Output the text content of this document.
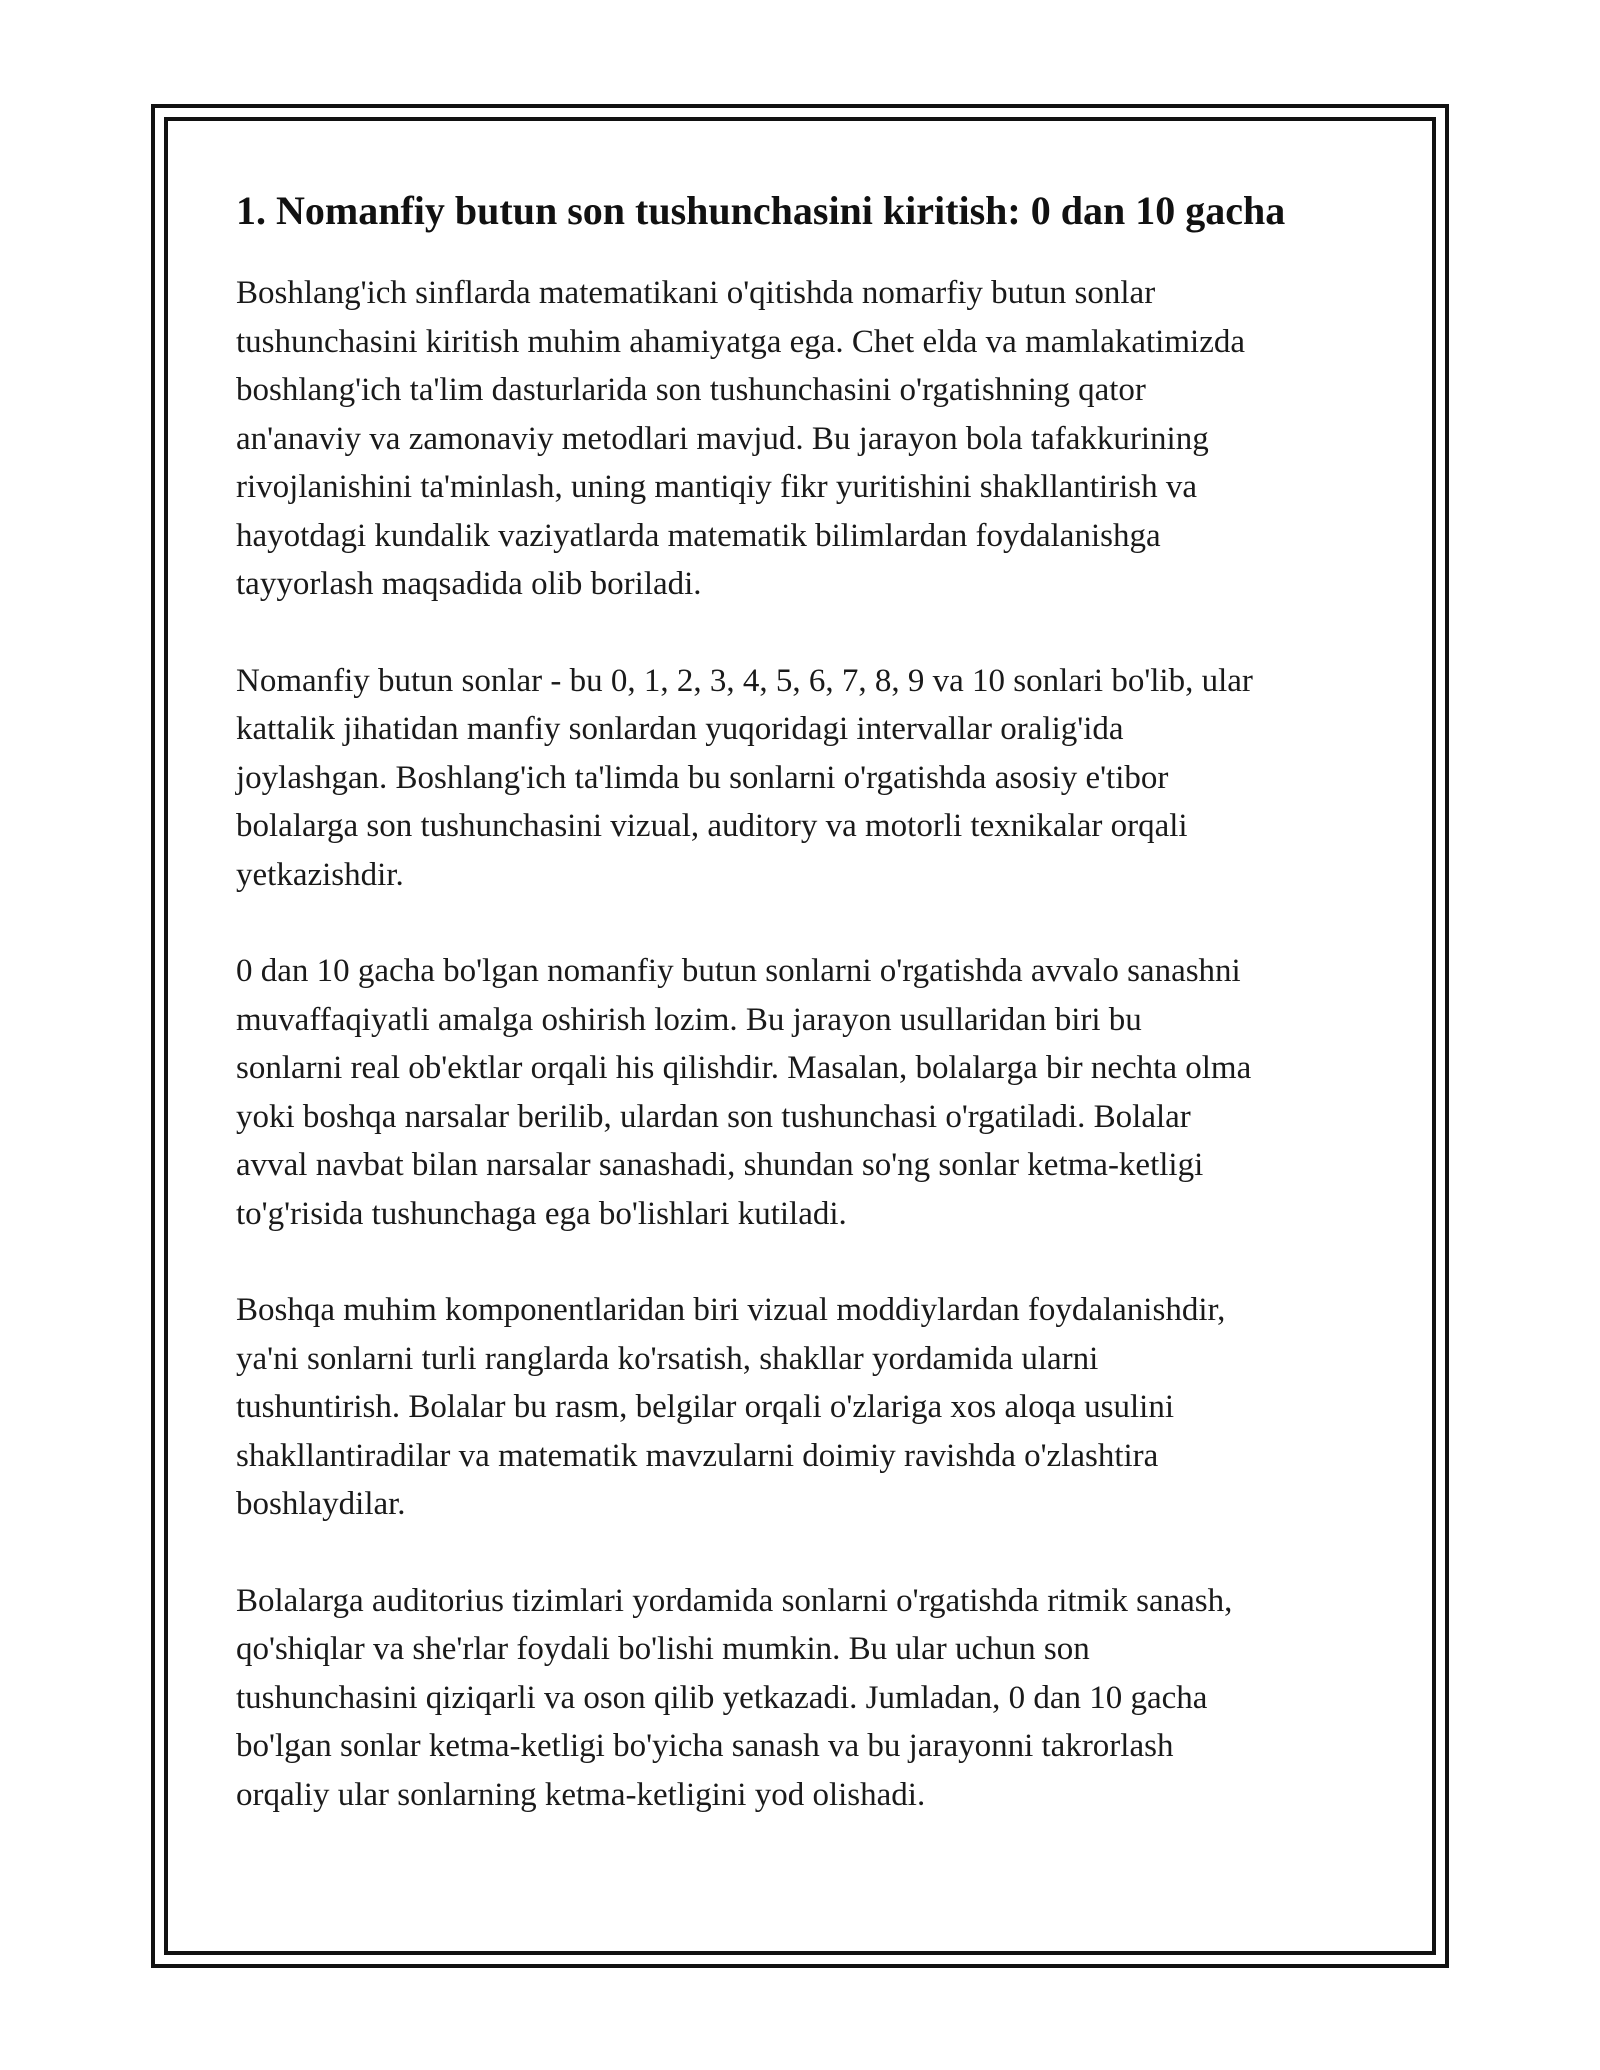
1. Nomanfiy butun son tushunchasini kiritish: 0 dan 10 gacha

Boshlang'ich sinflarda matematikani o'qitishda nomarfiy butun sonlar
tushunchasini kiritish muhim ahamiyatga ega. Chet elda va mamlakatimizda
boshlang'ich ta'lim dasturlarida son tushunchasini o'rgatishning qator
an'anaviy va zamonaviy metodlari mavjud. Bu jarayon bola tafakkurining
rivojlanishini ta'minlash, uning mantiqiy fikr yuritishini shakllantirish va
hayotdagi kundalik vaziyatlarda matematik bilimlardan foydalanishga
tayyorlash maqsadida olib boriladi.

Nomanfiy butun sonlar - bu 0, 1, 2, 3, 4, 5, 6, 7, 8, 9 va 10 sonlari bo'lib, ular
kattalik jihatidan manfiy sonlardan yuqoridagi intervallar oralig'ida
joylashgan. Boshlang'ich ta'limda bu sonlarni o'rgatishda asosiy e'tibor
bolalarga son tushunchasini vizual, auditory va motorli texnikalar orqali
yetkazishdir.

0 dan 10 gacha bo'lgan nomanfiy butun sonlarni o'rgatishda avvalo sanashni
muvaffaqiyatli amalga oshirish lozim. Bu jarayon usullaridan biri bu
sonlarni real ob'ektlar orqali his qilishdir. Masalan, bolalarga bir nechta olma
yoki boshqa narsalar berilib, ulardan son tushunchasi o'rgatiladi. Bolalar
avval navbat bilan narsalar sanashadi, shundan so'ng sonlar ketma-ketligi
to'g'risida tushunchaga ega bo'lishlari kutiladi.

Boshqa muhim komponentlaridan biri vizual moddiylardan foydalanishdir,
ya'ni sonlarni turli ranglarda ko'rsatish, shakllar yordamida ularni
tushuntirish. Bolalar bu rasm, belgilar orqali o'zlariga xos aloqa usulini
shakllantiradilar va matematik mavzularni doimiy ravishda o'zlashtira
boshlaydilar.

Bolalarga auditorius tizimlari yordamida sonlarni o'rgatishda ritmik sanash,
qo'shiqlar va she'rlar foydali bo'lishi mumkin. Bu ular uchun son
tushunchasini qiziqarli va oson qilib yetkazadi. Jumladan, 0 dan 10 gacha
bo'lgan sonlar ketma-ketligi bo'yicha sanash va bu jarayonni takrorlash
orqaliy ular sonlarning ketma-ketligini yod olishadi.
